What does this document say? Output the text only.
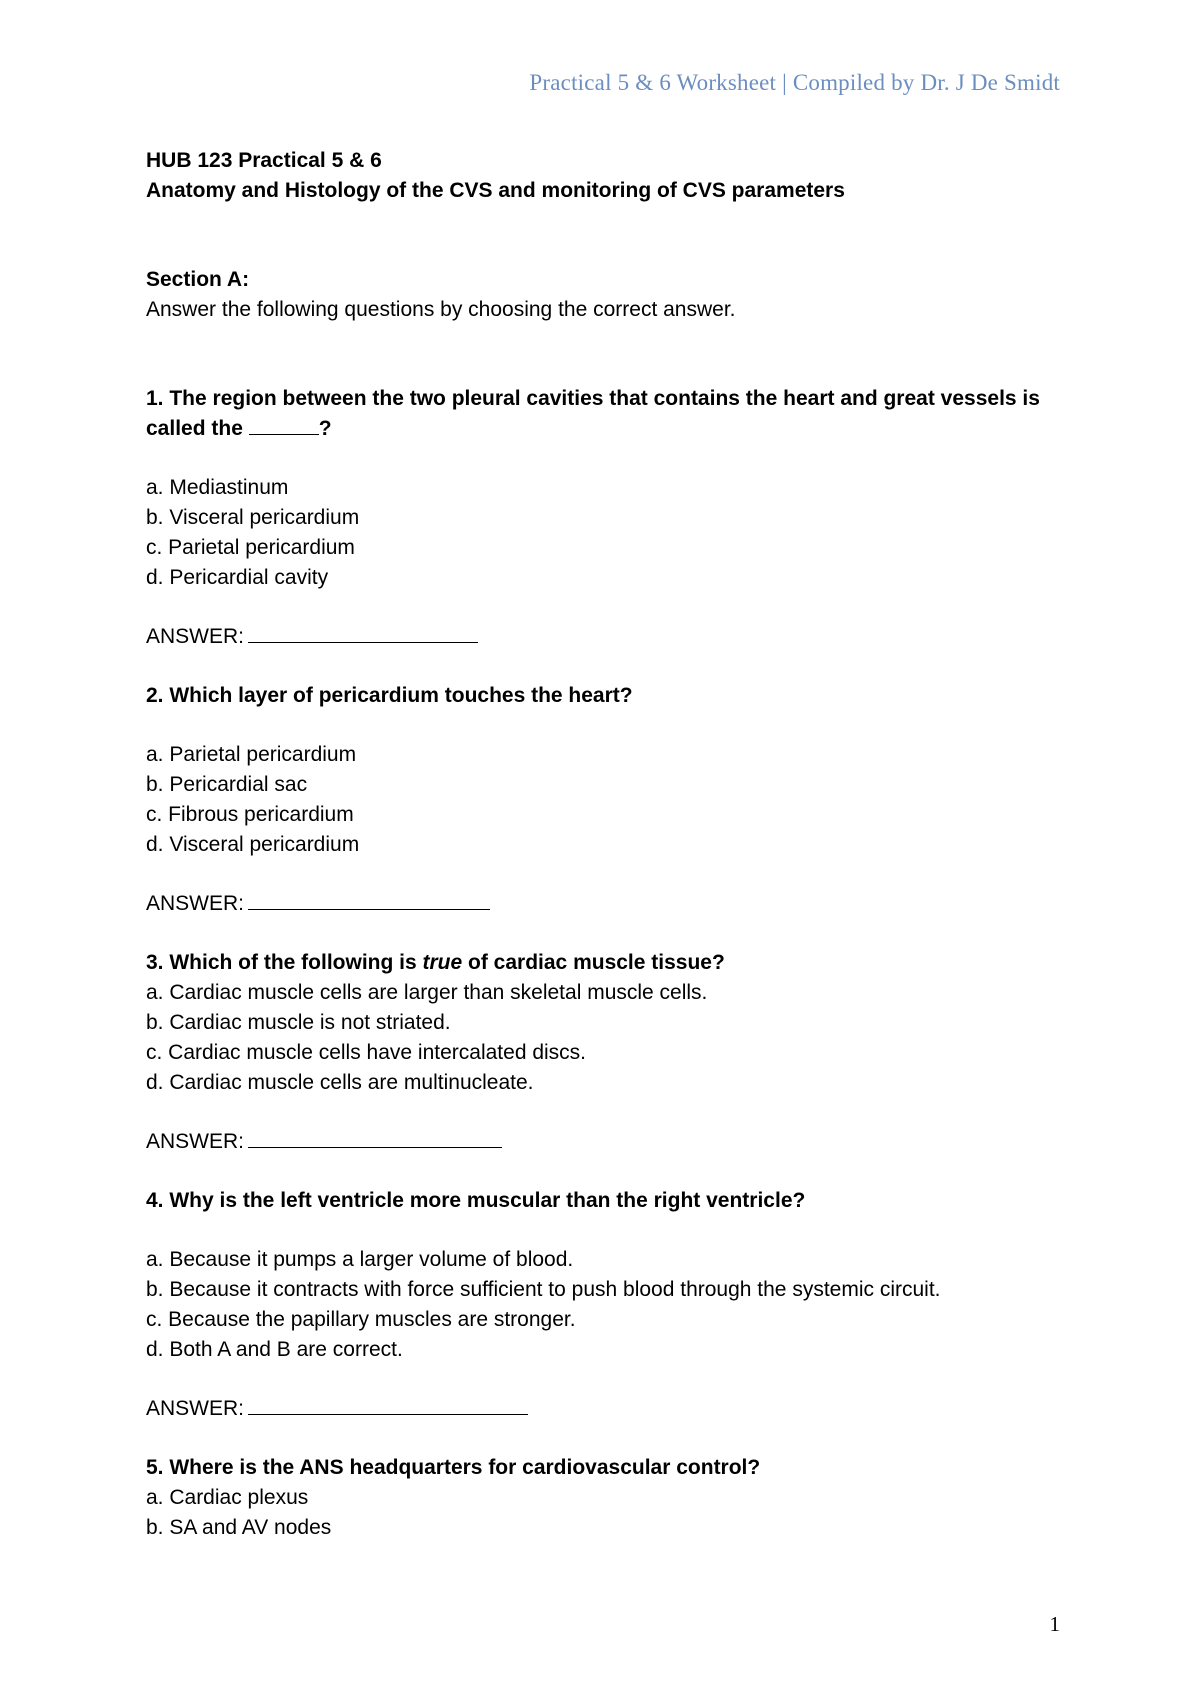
Practical 5 & 6 Worksheet | Compiled by Dr. J De Smidt

HUB 123 Practical 5 & 6

Anatomy and Histology of the CVS and monitoring of CVS parameters

Section A:

Answer the following questions by choosing the correct answer.

1. The region between the two pleural cavities that contains the heart and great vessels is

called the	?

a. Mediastinum

b. Visceral pericardium

c. Parietal pericardium

d. Pericardial cavity

ANSWER:

2. Which layer of pericardium touches the heart?

a. Parietal pericardium

b. Pericardial sac

c. Fibrous pericardium

d. Visceral pericardium

ANSWER:

3. Which of the following is true of cardiac muscle tissue?

a. Cardiac muscle cells are larger than skeletal muscle cells.

b. Cardiac muscle is not striated.

c. Cardiac muscle cells have intercalated discs.

d. Cardiac muscle cells are multinucleate.

ANSWER:

4. Why is the left ventricle more muscular than the right ventricle?

a. Because it pumps a larger volume of blood.

b. Because it contracts with force sufficient to push blood through the systemic circuit.

c. Because the papillary muscles are stronger.

d. Both A and B are correct.

ANSWER:

5. Where is the ANS headquarters for cardiovascular control?

a. Cardiac plexus

b. SA and AV nodes

1
